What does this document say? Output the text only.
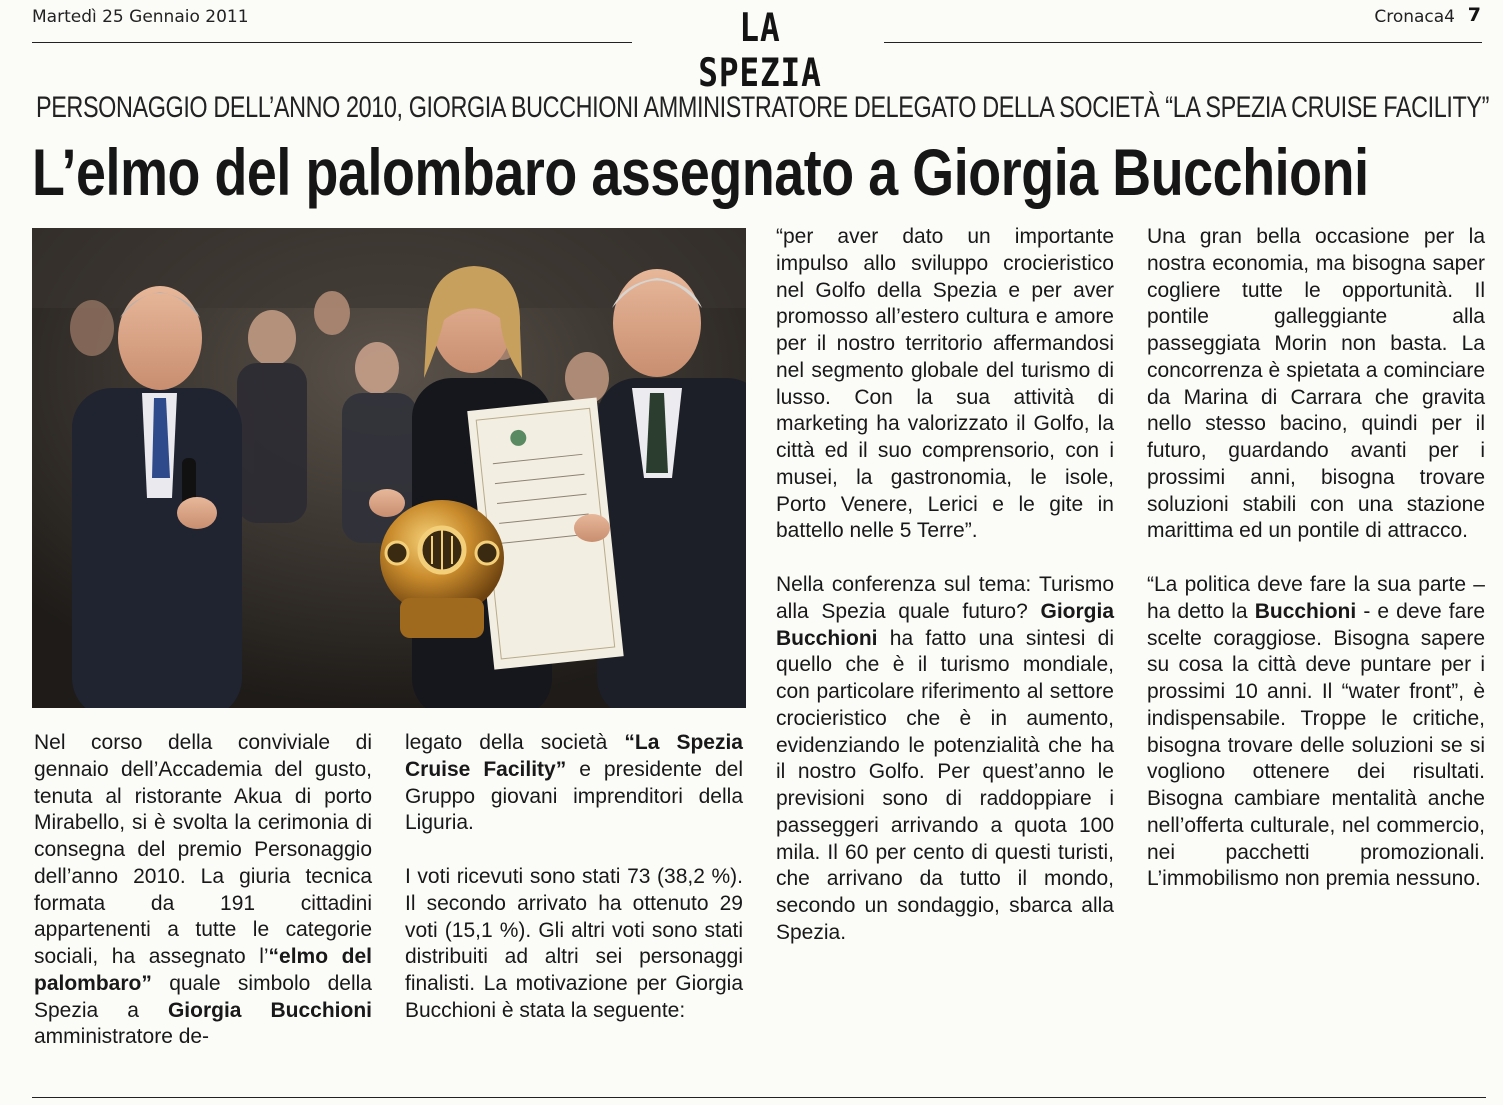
Martedì 25 Gennaio 2011	LA SPEZIA
Cronaca4 7
PERSONAGGIO DELL’ANNO 2010, GIORGIA BUCCHIONI AMMINISTRATORE DELEGATO DELLA SOCIETÀ “LA SPEZIA CRUISE FACILITY”
L’elmo del palombaro assegnato a Giorgia Bucchioni

Nel corso della conviviale di gennaio dell’Accademia del gusto, tenuta al ristorante Akua di porto Mirabello, si è svolta la cerimonia di consegna del premio Personaggio dell’anno 2010. La giuria tecnica formata da 191 cittadini appartenenti a tutte le categorie sociali, ha assegnato l’“elmo del palombaro” quale simbolo della Spezia a Giorgia Bucchioni amministratore de-

legato della società “La Spezia Cruise Facility” e presidente del Gruppo giovani imprenditori della Liguria.

I voti ricevuti sono stati 73 (38,2 %). Il secondo arrivato ha ottenuto 29 voti (15,1 %). Gli altri voti sono stati distribuiti ad altri sei personaggi finalisti. La motivazione per Giorgia Bucchioni è stata la seguente:

“per aver dato un importante impulso allo sviluppo crocieristico nel Golfo della Spezia e per aver promosso all’estero cultura e amore per il nostro territorio affermandosi nel segmento globale del turismo di lusso. Con la sua attività di marketing ha valorizzato il Golfo, la città ed il suo comprensorio, con i musei, la gastronomia, le isole, Porto Venere, Lerici e le gite in battello nelle 5 Terre”.

Nella conferenza sul tema: Turismo alla Spezia quale futuro? Giorgia Bucchioni ha fatto una sintesi di quello che è il turismo mondiale, con particolare riferimento al settore crocieristico che è in aumento, evidenziando le potenzialità che ha il nostro Golfo. Per quest’anno le previsioni sono di raddoppiare i passeggeri arrivando a quota 100 mila. Il 60 per cento di questi turisti, che arrivano da tutto il mondo, secondo un sondaggio, sbarca alla Spezia.

Una gran bella occasione per la nostra economia, ma bisogna saper cogliere tutte le opportunità. Il pontile galleggiante alla passeggiata Morin non basta. La concorrenza è spietata a cominciare da Marina di Carrara che gravita nello stesso bacino, quindi per il futuro, guardando avanti per i prossimi anni, bisogna trovare soluzioni stabili con una stazione marittima ed un pontile di attracco.

“La politica deve fare la sua parte – ha detto la Bucchioni - e deve fare scelte coraggiose. Bisogna sapere su cosa la città deve puntare per i prossimi 10 anni. Il “water front”, è indispensabile. Troppe le critiche, bisogna trovare delle soluzioni se si vogliono ottenere dei risultati. Bisogna cambiare mentalità anche nell’offerta culturale, nel commercio, nei pacchetti promozionali. L’immobilismo non premia nessuno.
